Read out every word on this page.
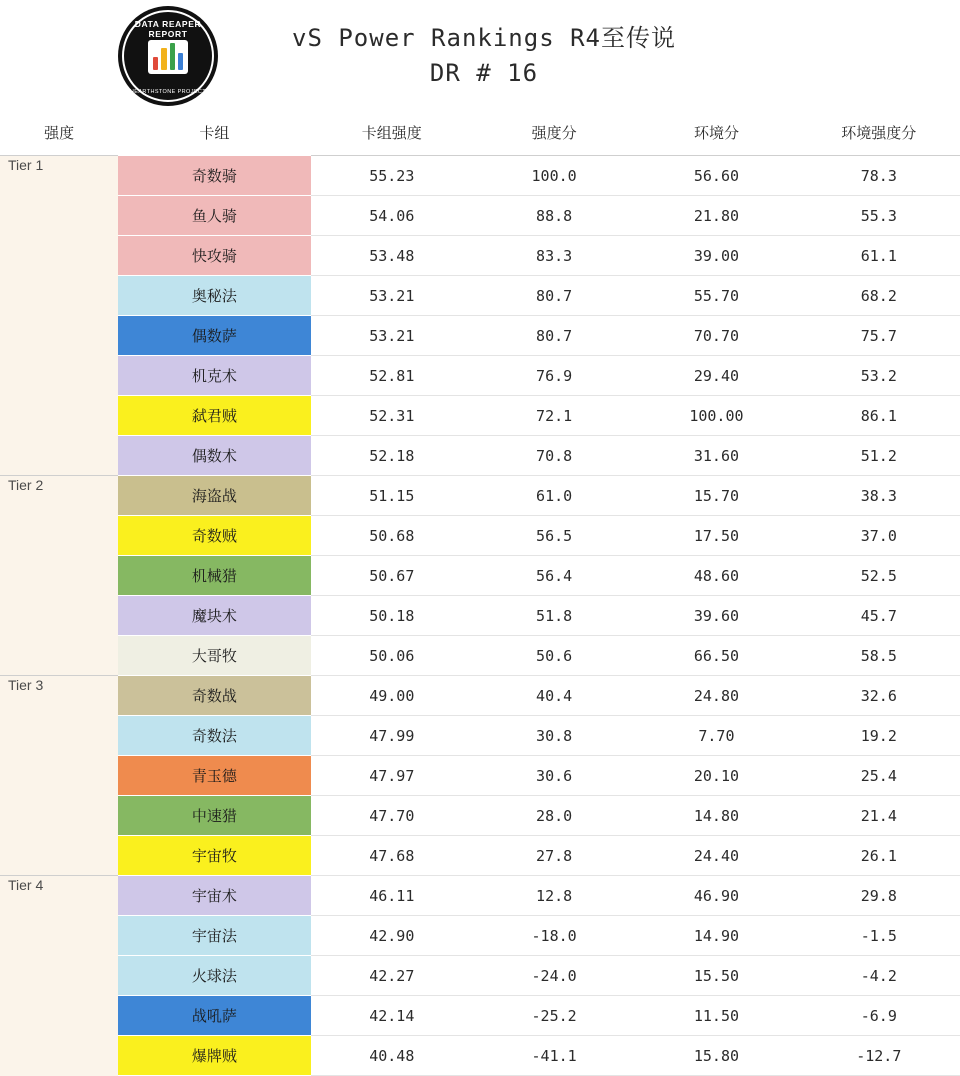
DATA REAPER REPORT
HEARTHSTONE PROJECT
vS Power Rankings R4至传说
DR # 16
强度	卡组	卡组强度	强度分	环境分	环境强度分
Tier 1	奇数骑	55.23	100.0	56.60	78.3
	鱼人骑	54.06	88.8	21.80	55.3
	快攻骑	53.48	83.3	39.00	61.1
	奥秘法	53.21	80.7	55.70	68.2
	偶数萨	53.21	80.7	70.70	75.7
	机克术	52.81	76.9	29.40	53.2
	弑君贼	52.31	72.1	100.00	86.1
	偶数术	52.18	70.8	31.60	51.2
Tier 2	海盗战	51.15	61.0	15.70	38.3
	奇数贼	50.68	56.5	17.50	37.0
	机械猎	50.67	56.4	48.60	52.5
	魔块术	50.18	51.8	39.60	45.7
	大哥牧	50.06	50.6	66.50	58.5
Tier 3	奇数战	49.00	40.4	24.80	32.6
	奇数法	47.99	30.8	7.70	19.2
	青玉德	47.97	30.6	20.10	25.4
	中速猎	47.70	28.0	14.80	21.4
	宇宙牧	47.68	27.8	24.40	26.1
Tier 4	宇宙术	46.11	12.8	46.90	29.8
	宇宙法	42.90	-18.0	14.90	-1.5
	火球法	42.27	-24.0	15.50	-4.2
	战吼萨	42.14	-25.2	11.50	-6.9
	爆牌贼	40.48	-41.1	15.80	-12.7
